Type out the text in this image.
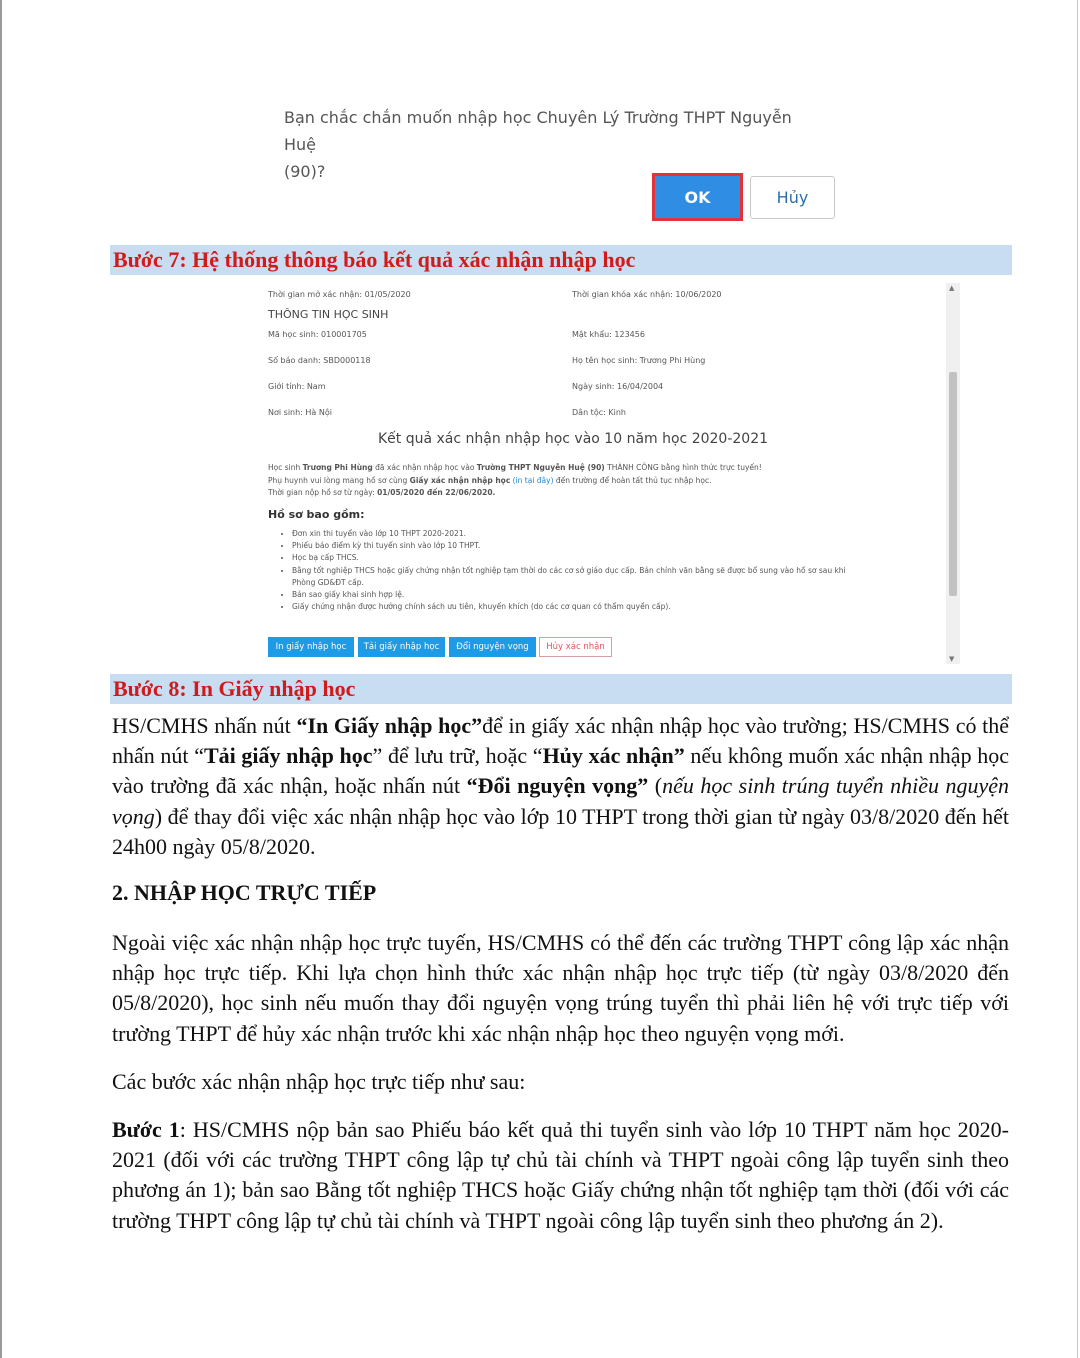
Bạn chắc chắn muốn nhập học Chuyên Lý Trường THPT Nguyễn Huệ
(90)?
OK	Hủy
Bước 7: Hệ thống thông báo kết quả xác nhận nhập học
▲
▼
Thời gian mở xác nhận: 01/05/2020	Thời gian khóa xác nhận: 10/06/2020
THÔNG TIN HỌC SINH
Mã học sinh: 010001705	Mật khẩu: 123456
Số báo danh: SBD000118	Họ tên học sinh: Trương Phi Hùng
Giới tính: Nam	Ngày sinh: 16/04/2004
Nơi sinh: Hà Nội	Dân tộc: Kinh
Kết quả xác nhận nhập học vào 10 năm học 2020-2021
Học sinh Trương Phi Hùng đã xác nhận nhập học vào Trường THPT Nguyễn Huệ (90) THÀNH CÔNG bằng hình thức trực tuyến!
Phụ huynh vui lòng mang hồ sơ cùng Giấy xác nhận nhập học (in tại đây) đến trường để hoàn tất thủ tục nhập học.
Thời gian nộp hồ sơ từ ngày: 01/05/2020 đến 22/06/2020.
Hồ sơ bao gồm:
• Đơn xin thi tuyển vào lớp 10 THPT 2020-2021.
• Phiếu báo điểm kỳ thi tuyển sinh vào lớp 10 THPT.
• Học bạ cấp THCS.
• Bằng tốt nghiệp THCS hoặc giấy chứng nhận tốt nghiệp tạm thời do các cơ sở giáo dục cấp. Bản chính văn bằng sẽ được bổ sung vào hồ sơ sau khi Phòng GD&ĐT cấp.
• Bản sao giấy khai sinh hợp lệ.
• Giấy chứng nhận được hưởng chính sách ưu tiên, khuyến khích (do các cơ quan có thẩm quyền cấp).
In giấy nhập học	Tải giấy nhập học	Đổi nguyện vọng	Hủy xác nhận
Bước 8: In Giấy nhập học

HS/CMHS nhấn nút “In Giấy nhập học”để in giấy xác nhận nhập học vào trường; HS/CMHS có thể nhấn nút “Tải giấy nhập học” để lưu trữ, hoặc “Hủy xác nhận” nếu không muốn xác nhận nhập học vào trường đã xác nhận, hoặc nhấn nút “Đổi nguyện vọng” (nếu học sinh trúng tuyển nhiều nguyện vọng) để thay đổi việc xác nhận nhập học vào lớp 10 THPT trong thời gian từ ngày 03/8/2020 đến hết 24h00 ngày 05/8/2020.

2. NHẬP HỌC TRỰC TIẾP

Ngoài việc xác nhận nhập học trực tuyến, HS/CMHS có thể đến các trường THPT công lập xác nhận nhập học trực tiếp. Khi lựa chọn hình thức xác nhận nhập học trực tiếp (từ ngày 03/8/2020 đến 05/8/2020), học sinh nếu muốn thay đổi nguyện vọng trúng tuyển thì phải liên hệ với trực tiếp với trường THPT để hủy xác nhận trước khi xác nhận nhập học theo nguyện vọng mới.

Các bước xác nhận nhập học trực tiếp như sau:

Bước 1: HS/CMHS nộp bản sao Phiếu báo kết quả thi tuyển sinh vào lớp 10 THPT năm học 2020-2021 (đối với các trường THPT công lập tự chủ tài chính và THPT ngoài công lập tuyển sinh theo phương án 1); bản sao Bằng tốt nghiệp THCS hoặc Giấy chứng nhận tốt nghiệp tạm thời (đối với các trường THPT công lập tự chủ tài chính và THPT ngoài công lập tuyển sinh theo phương án 2).
